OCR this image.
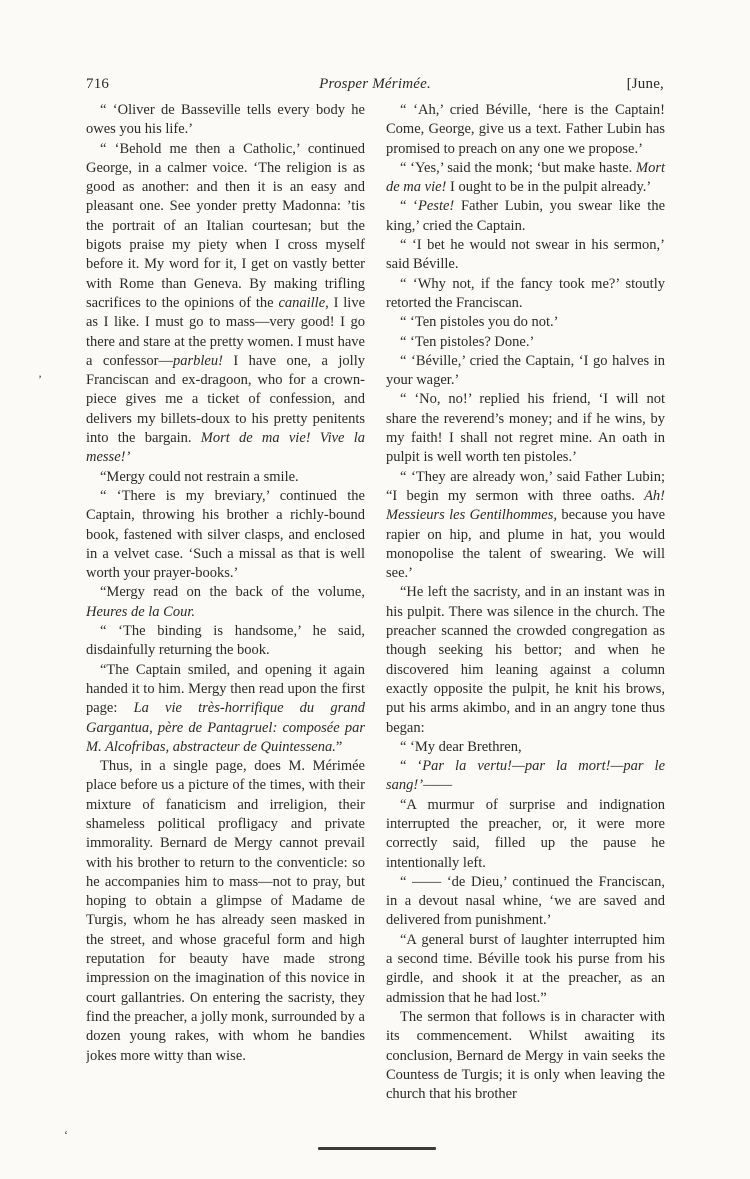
716	Prosper Mérimée.	[June,

“ ‘Oliver de Basseville tells every body he owes you his life.’

“ ‘Behold me then a Catholic,’ continued George, in a calmer voice. ‘The religion is as good as another: and then it is an easy and pleasant one. See yonder pretty Madonna: ’tis the portrait of an Italian courtesan; but the bigots praise my piety when I cross myself before it. My word for it, I get on vastly better with Rome than Geneva. By making trifling sacrifices to the opinions of the canaille, I live as I like. I must go to mass—very good! I go there and stare at the pretty women. I must have a confessor—parbleu! I have one, a jolly Franciscan and ex-dragoon, who for a crown-piece gives me a ticket of confession, and delivers my billets-doux to his pretty penitents into the bargain. Mort de ma vie! Vive la messe!’

“Mergy could not restrain a smile.

“ ‘There is my breviary,’ continued the Captain, throwing his brother a richly-bound book, fastened with silver clasps, and enclosed in a velvet case. ‘Such a missal as that is well worth your prayer-books.’

“Mergy read on the back of the volume, Heures de la Cour.

“ ‘The binding is handsome,’ he said, disdainfully returning the book.

“The Captain smiled, and opening it again handed it to him. Mergy then read upon the first page: La vie très-horrifique du grand Gargantua, père de Pantagruel: composée par M. Alcofribas, abstracteur de Quintessena.”

Thus, in a single page, does M. Mérimée place before us a picture of the times, with their mixture of fanaticism and irreligion, their shameless political profligacy and private immorality. Bernard de Mergy cannot prevail with his brother to return to the conventicle: so he accompanies him to mass—not to pray, but hoping to obtain a glimpse of Madame de Turgis, whom he has already seen masked in the street, and whose graceful form and high reputation for beauty have made strong impression on the imagination of this novice in court gallantries. On entering the sacristy, they find the preacher, a jolly monk, surrounded by a dozen young rakes, with whom he bandies jokes more witty than wise.

“ ‘Ah,’ cried Béville, ‘here is the Captain! Come, George, give us a text. Father Lubin has promised to preach on any one we propose.’

“ ‘Yes,’ said the monk; ‘but make haste. Mort de ma vie! I ought to be in the pulpit already.’

“ ‘Peste! Father Lubin, you swear like the king,’ cried the Captain.

“ ‘I bet he would not swear in his sermon,’ said Béville.

“ ‘Why not, if the fancy took me?’ stoutly retorted the Franciscan.

“ ‘Ten pistoles you do not.’

“ ‘Ten pistoles? Done.’

“ ‘Béville,’ cried the Captain, ‘I go halves in your wager.’

“ ‘No, no!’ replied his friend, ‘I will not share the reverend’s money; and if he wins, by my faith! I shall not regret mine. An oath in pulpit is well worth ten pistoles.’

“ ‘They are already won,’ said Father Lubin; “I begin my sermon with three oaths. Ah! Messieurs les Gentilhommes, because you have rapier on hip, and plume in hat, you would monopolise the talent of swearing. We will see.’

“He left the sacristy, and in an instant was in his pulpit. There was silence in the church. The preacher scanned the crowded congregation as though seeking his bettor; and when he discovered him leaning against a column exactly opposite the pulpit, he knit his brows, put his arms akimbo, and in an angry tone thus began:

“ ‘My dear Brethren,

“ ‘Par la vertu!—par la mort!—par le sang!’——

“A murmur of surprise and indignation interrupted the preacher, or, it were more correctly said, filled up the pause he intentionally left.

“ —— ‘de Dieu,’ continued the Franciscan, in a devout nasal whine, ‘we are saved and delivered from punishment.’

“A general burst of laughter interrupted him a second time. Béville took his purse from his girdle, and shook it at the preacher, as an admission that he had lost.”

The sermon that follows is in character with its commencement. Whilst awaiting its conclusion, Bernard de Mergy in vain seeks the Countess de Turgis; it is only when leaving the church that his brother

’
‘
